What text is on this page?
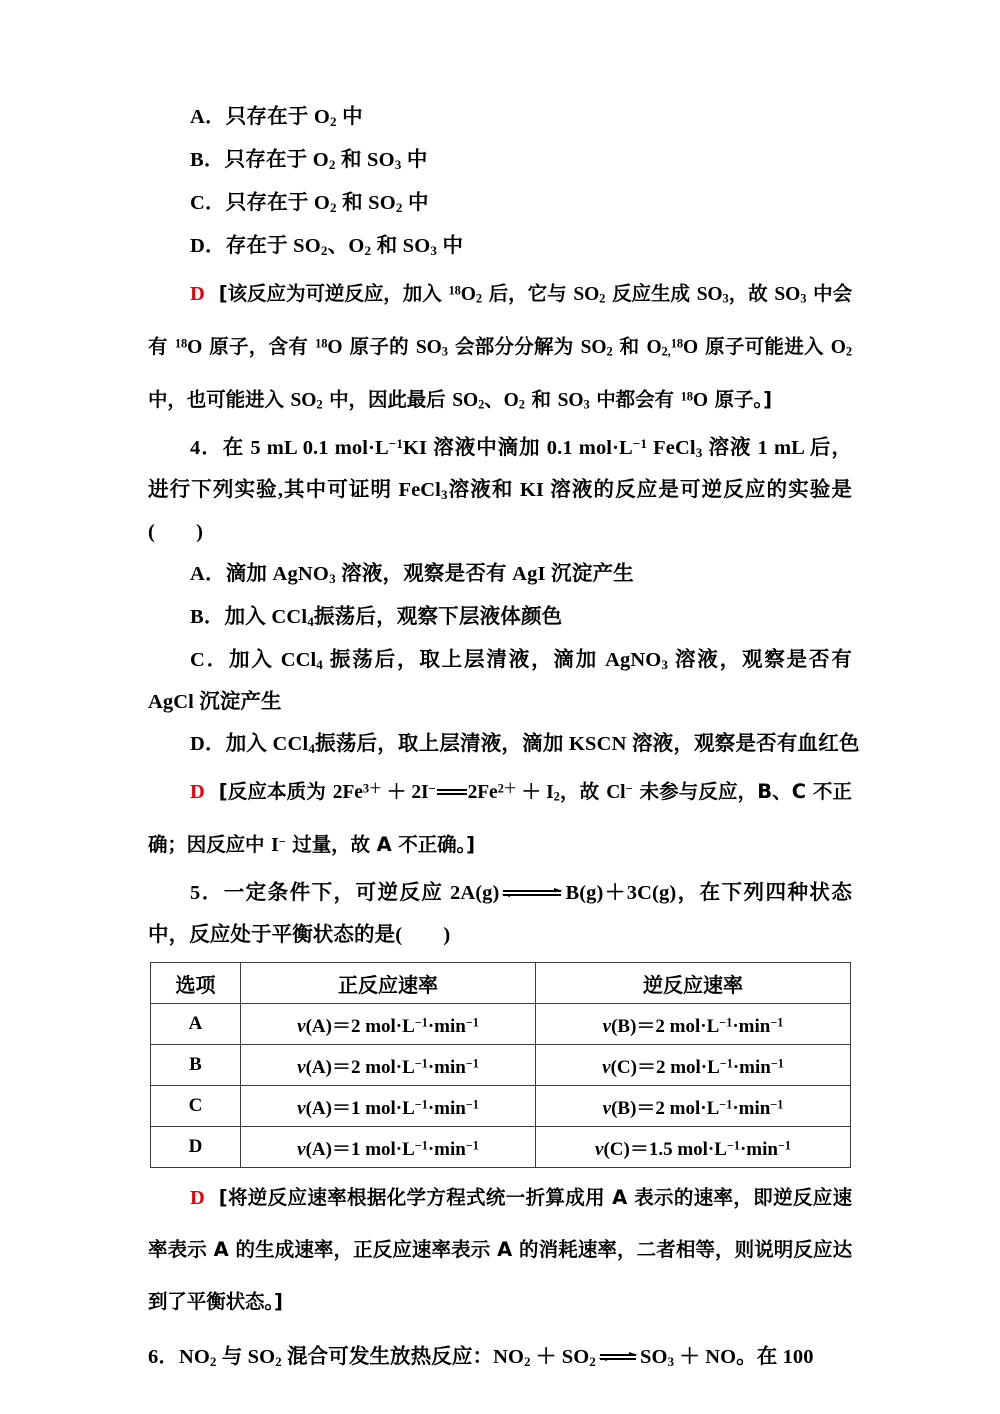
A．只存在于 $O_2$ 中
B．只存在于 $O_2$ 和 $SO_3$ 中
C．只存在于 $O_2$ 和 $SO_2$ 中
D．存在于 $SO_2$、$O_2$ 和 $SO_3$ 中
D [该反应为可逆反应，加入 $^{18}O_2$ 后，它与 $SO_2$ 反应生成 $SO_3$，故 $SO_3$ 中会有 $^{18}$O 原子，含有 $^{18}$O 原子的 $SO_3$ 会部分分解为 $SO_2$ 和 $O_{2,}^{18}O$ 原子可能进入 $O_2$ 中，也可能进入 $SO_2$ 中，因此最后 $SO_2$、$O_2$ 和 $SO_3$ 中都会有 $^{18}$O 原子。]
4．在 5 mL 0.1 $mol\cdot L^{-1}KI$ 溶液中滴加 0.1 $mol\cdot L^{-1}$ FeCl$_3$ 溶液 1 mL 后，进行下列实验,其中可证明 FeCl$_3$溶液和 KI 溶液的反应是可逆反应的实验是(　　)
A．滴加 AgNO$_3$ 溶液，观察是否有 AgI 沉淀产生
B．加入 CCl$_4$振荡后，观察下层液体颜色
C．加入 CCl$_4$ 振荡后，取上层清液，滴加 AgNO$_3$ 溶液，观察是否有 AgCl 沉淀产生
D．加入 CCl$_4$振荡后，取上层清液，滴加 KSCN 溶液，观察是否有血红色
D [反应本质为 $2Fe^{3+} + 2I^-$ $2Fe^{2+} + I_2$，故 Cl− 未参与反应，B、C 不正确；因反应中 I− 过量，故 A 不正确。]
5．一定条件下，可逆反应 2A(g)	B(g)＋3C(g)，在下列四种状态中，反应处于平衡状态的是(　　)
选项	正反应速率	逆反应速率
A	v(A)＝2 $mol\cdot L^{-1}\cdot\min^{-1}$	v(B)＝2 $mol\cdot L^{-1}\cdot\min^{-1}$
B	v(A)＝2 $mol\cdot L^{-1}\cdot\min^{-1}$	v(C)＝2 $mol\cdot L^{-1}\cdot\min^{-1}$
C	v(A)＝1 $mol\cdot L^{-1}\cdot\min^{-1}$	v(B)＝2 $mol\cdot L^{-1}\cdot\min^{-1}$
D	v(A)＝1 $mol\cdot L^{-1}\cdot\min^{-1}$	v(C)＝1.5 $mol\cdot L^{-1}\cdot\min^{-1}$
D [将逆反应速率根据化学方程式统一折算成用 A 表示的速率，即逆反应速率表示 A 的生成速率，正反应速率表示 A 的消耗速率，二者相等，则说明反应达到了平衡状态。]
6．$NO_2$ 与 $SO_2$ 混合可发生放热反应：$NO_2 + SO_2$ $SO_3$ ＋ NO。在 100
